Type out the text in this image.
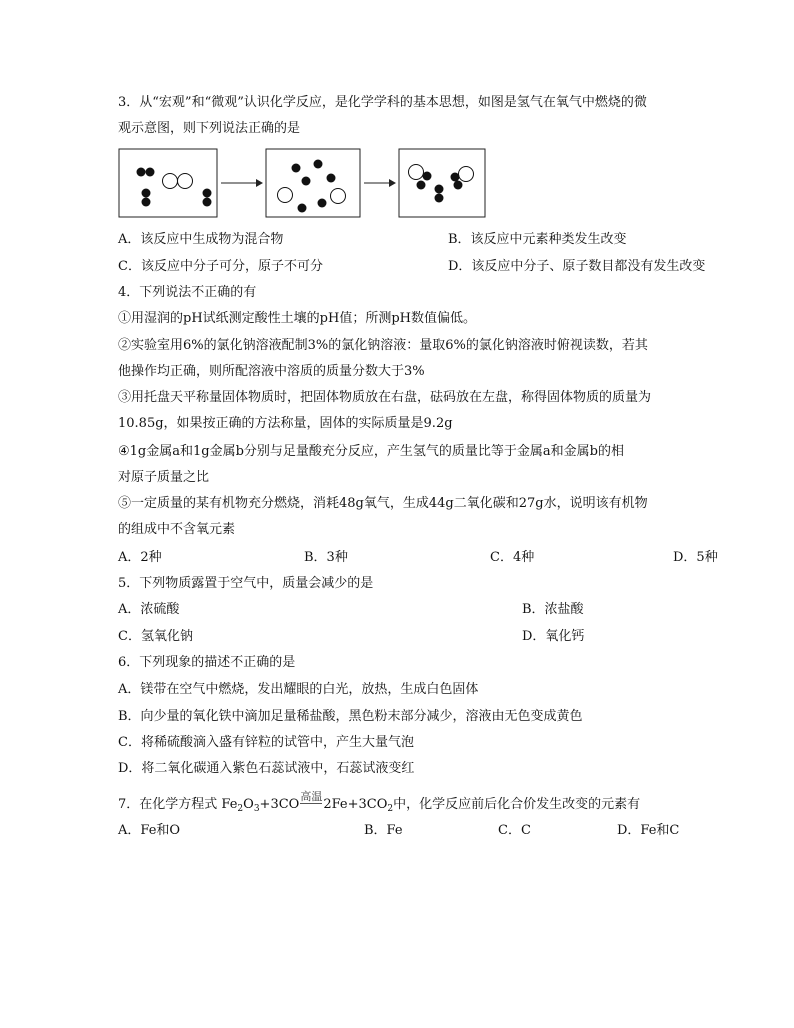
3．从“宏观”和“微观”认识化学反应，是化学学科的基本思想，如图是氢气在氧气中燃烧的微
观示意图，则下列说法正确的是
A．该反应中生成物为混合物	B．该反应中元素种类发生改变
C．该反应中分子可分，原子不可分	D．该反应中分子、原子数目都没有发生改变
4．下列说法不正确的有
①用湿润的pH试纸测定酸性土壤的pH值；所测pH数值偏低。
②实验室用6%的氯化钠溶液配制3%的氯化钠溶液：量取6%的氯化钠溶液时俯视读数，若其
他操作均正确，则所配溶液中溶质的质量分数大于3%
③用托盘天平称量固体物质时，把固体物质放在右盘，砝码放在左盘，称得固体物质的质量为
10.85g，如果按正确的方法称量，固体的实际质量是9.2g
④1g金属a和1g金属b分别与足量酸充分反应，产生氢气的质量比等于金属a和金属b的相
对原子质量之比
⑤一定质量的某有机物充分燃烧，消耗48g氧气，生成44g二氧化碳和27g水，说明该有机物
的组成中不含氧元素
A．2种	B．3种	C．4种	D．5种
5．下列物质露置于空气中，质量会减少的是
A．浓硫酸	B．浓盐酸
C．氢氧化钠	D．氧化钙
6．下列现象的描述不正确的是
A．镁带在空气中燃烧，发出耀眼的白光，放热，生成白色固体
B．向少量的氧化铁中滴加足量稀盐酸，黑色粉末部分减少，溶液由无色变成黄色
C．将稀硫酸滴入盛有锌粒的试管中，产生大量气泡
D．将二氧化碳通入紫色石蕊试液中，石蕊试液变红
7．在化学方程式 $Fe_2O_3+3CO$高温$2Fe+3CO_2$中，化学反应前后化合价发生改变的元素有
A．Fe和O	B．Fe	C．C	D．Fe和C
